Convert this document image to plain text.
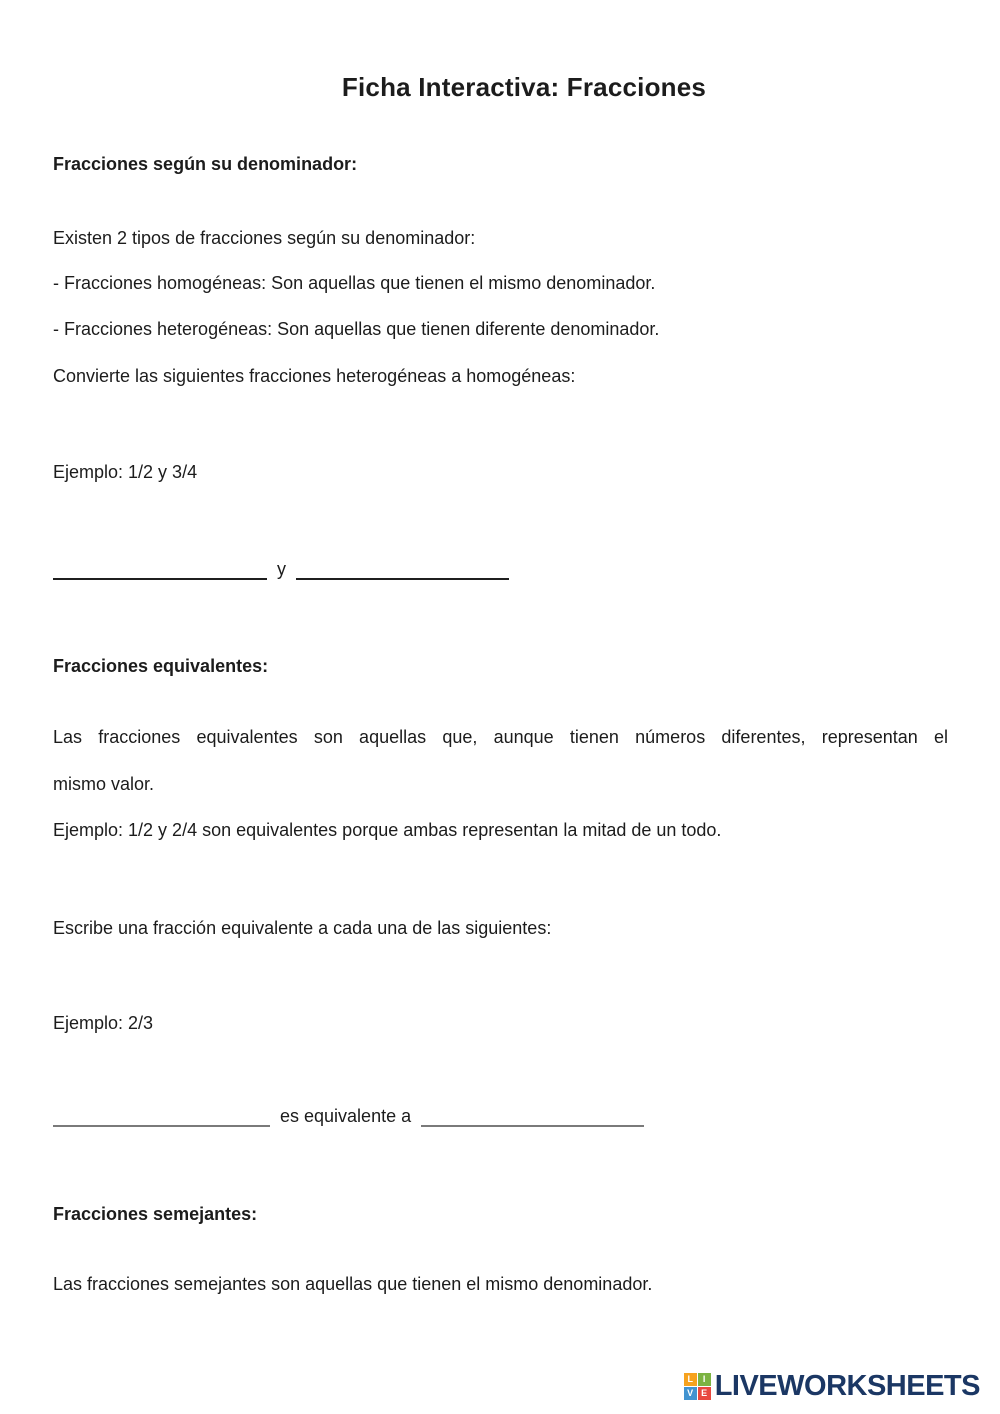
Ficha Interactiva: Fracciones
Fracciones según su denominador:

Existen 2 tipos de fracciones según su denominador:

- Fracciones homogéneas: Son aquellas que tienen el mismo denominador.

- Fracciones heterogéneas: Son aquellas que tienen diferente denominador.

Convierte las siguientes fracciones heterogéneas a homogéneas:

Ejemplo: 1/2 y 3/4

y
Fracciones equivalentes:

Las fracciones equivalentes son aquellas que, aunque tienen números diferentes, representan el

mismo valor.

Ejemplo: 1/2 y 2/4 son equivalentes porque ambas representan la mitad de un todo.

Escribe una fracción equivalente a cada una de las siguientes:

Ejemplo: 2/3

es equivalente a
Fracciones semejantes:

Las fracciones semejantes son aquellas que tienen el mismo denominador.

L	I
V E LIVEWORKSHEETS
